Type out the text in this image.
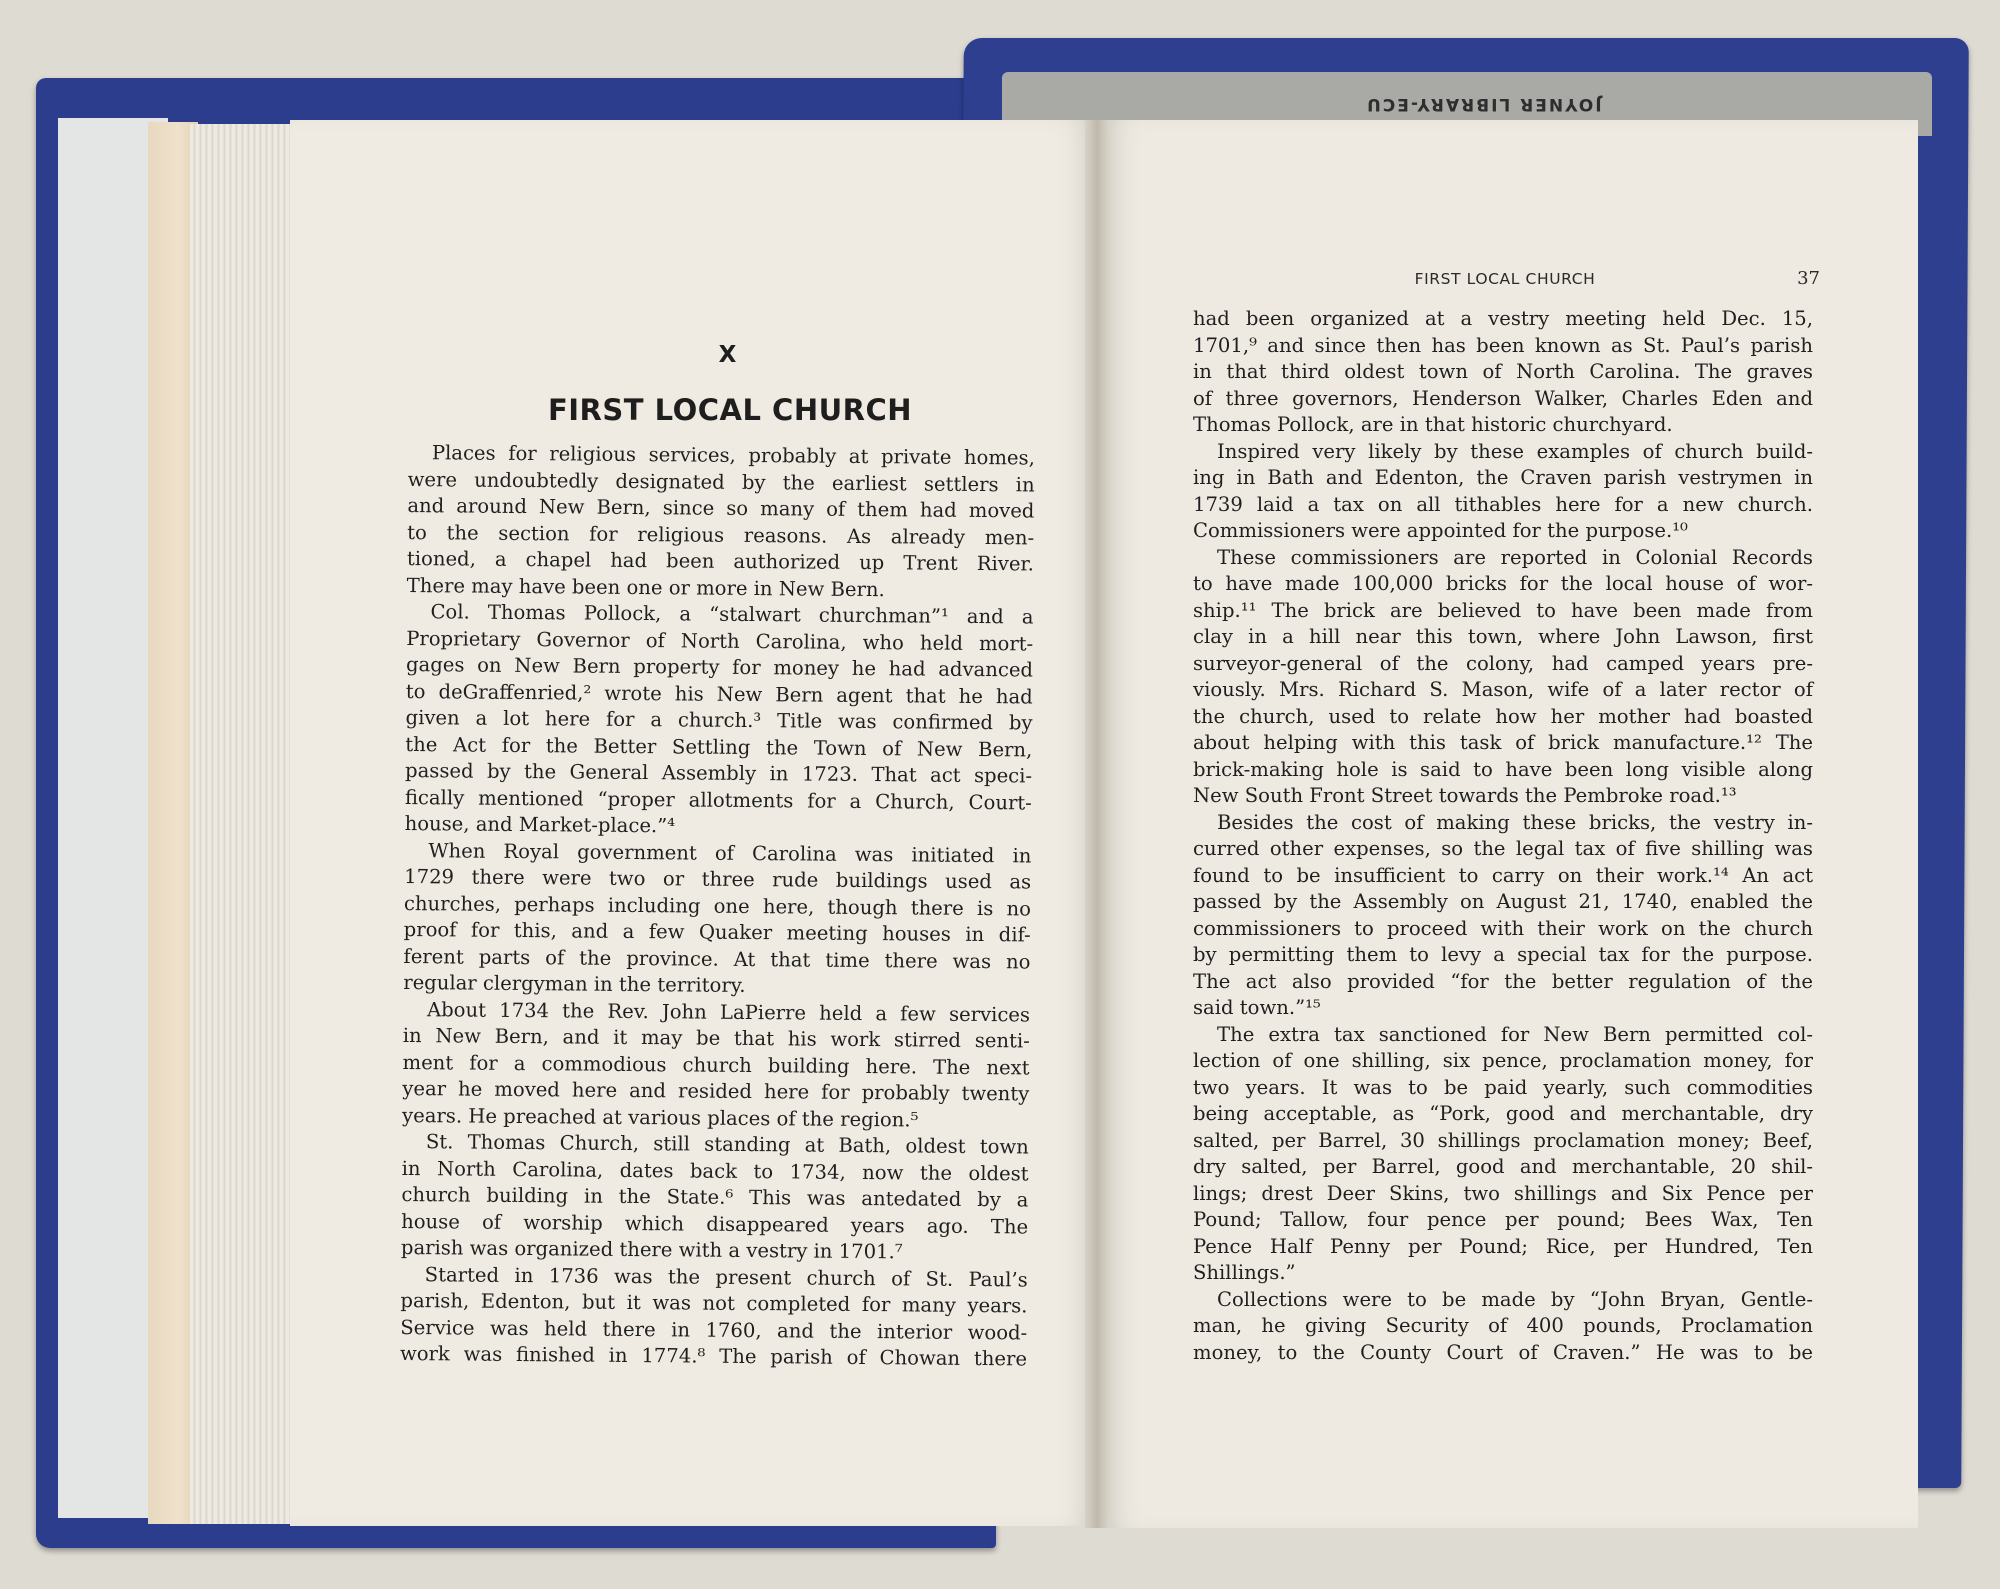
JOYNER LIBRARY-ECU
X
FIRST LOCAL CHURCH
Places for religious services, probably at private homes,
were undoubtedly designated by the earliest settlers in
and around New Bern, since so many of them had moved
to the section for religious reasons. As already men-
tioned, a chapel had been authorized up Trent River.
There may have been one or more in New Bern.
Col. Thomas Pollock, a “stalwart churchman”¹ and a
Proprietary Governor of North Carolina, who held mort-
gages on New Bern property for money he had advanced
to deGraffenried,² wrote his New Bern agent that he had
given a lot here for a church.³ Title was confirmed by
the Act for the Better Settling the Town of New Bern,
passed by the General Assembly in 1723. That act speci-
fically mentioned “proper allotments for a Church, Court-
house, and Market-place.”⁴
When Royal government of Carolina was initiated in
1729 there were two or three rude buildings used as
churches, perhaps including one here, though there is no
proof for this, and a few Quaker meeting houses in dif-
ferent parts of the province. At that time there was no
regular clergyman in the territory.
About 1734 the Rev. John LaPierre held a few services
in New Bern, and it may be that his work stirred senti-
ment for a commodious church building here. The next
year he moved here and resided here for probably twenty
years. He preached at various places of the region.⁵
St. Thomas Church, still standing at Bath, oldest town
in North Carolina, dates back to 1734, now the oldest
church building in the State.⁶ This was antedated by a
house of worship which disappeared years ago. The
parish was organized there with a vestry in 1701.⁷
Started in 1736 was the present church of St. Paul’s
parish, Edenton, but it was not completed for many years.
Service was held there in 1760, and the interior wood-
work was finished in 1774.⁸ The parish of Chowan there
FIRST LOCAL CHURCH	37
had been organized at a vestry meeting held Dec. 15,
1701,⁹ and since then has been known as St. Paul’s parish
in that third oldest town of North Carolina. The graves
of three governors, Henderson Walker, Charles Eden and
Thomas Pollock, are in that historic churchyard.
Inspired very likely by these examples of church build-
ing in Bath and Edenton, the Craven parish vestrymen in
1739 laid a tax on all tithables here for a new church.
Commissioners were appointed for the purpose.¹⁰
These commissioners are reported in Colonial Records
to have made 100,000 bricks for the local house of wor-
ship.¹¹ The brick are believed to have been made from
clay in a hill near this town, where John Lawson, first
surveyor-general of the colony, had camped years pre-
viously. Mrs. Richard S. Mason, wife of a later rector of
the church, used to relate how her mother had boasted
about helping with this task of brick manufacture.¹² The
brick-making hole is said to have been long visible along
New South Front Street towards the Pembroke road.¹³
Besides the cost of making these bricks, the vestry in-
curred other expenses, so the legal tax of five shilling was
found to be insufficient to carry on their work.¹⁴ An act
passed by the Assembly on August 21, 1740, enabled the
commissioners to proceed with their work on the church
by permitting them to levy a special tax for the purpose.
The act also provided “for the better regulation of the
said town.”¹⁵
The extra tax sanctioned for New Bern permitted col-
lection of one shilling, six pence, proclamation money, for
two years. It was to be paid yearly, such commodities
being acceptable, as “Pork, good and merchantable, dry
salted, per Barrel, 30 shillings proclamation money; Beef,
dry salted, per Barrel, good and merchantable, 20 shil-
lings; drest Deer Skins, two shillings and Six Pence per
Pound; Tallow, four pence per pound; Bees Wax, Ten
Pence Half Penny per Pound; Rice, per Hundred, Ten
Shillings.”
Collections were to be made by “John Bryan, Gentle-
man, he giving Security of 400 pounds, Proclamation
money, to the County Court of Craven.” He was to be
